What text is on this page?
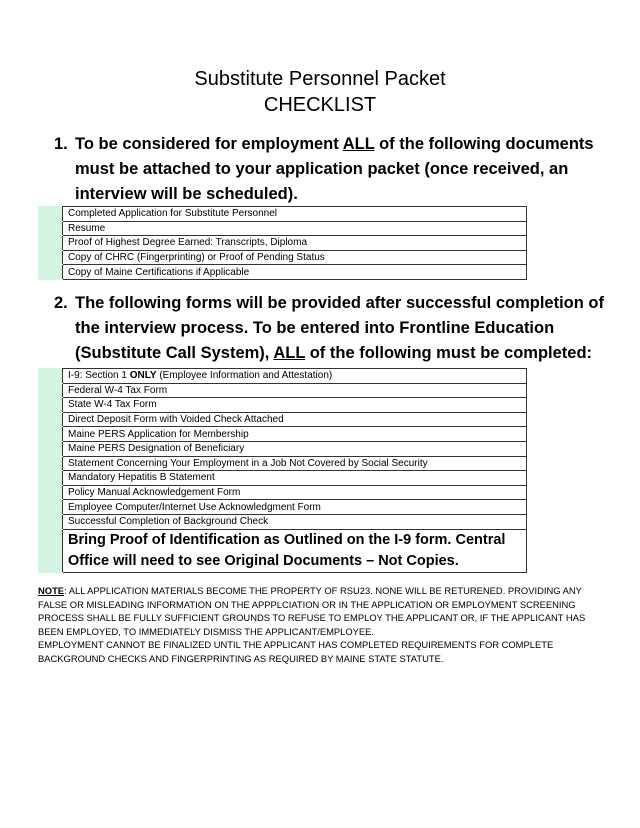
Substitute Personnel Packet
CHECKLIST
1. To be considered for employment ALL of the following documents must be attached to your application packet (once received, an interview will be scheduled).
	Completed Application for Substitute Personnel
	Resume
	Proof of Highest Degree Earned: Transcripts, Diploma
	Copy of CHRC (Fingerprinting) or Proof of Pending Status
	Copy of Maine Certifications if Applicable
2. The following forms will be provided after successful completion of the interview process. To be entered into Frontline Education (Substitute Call System), ALL of the following must be completed:
	I-9: Section 1 ONLY (Employee Information and Attestation)
	Federal W-4 Tax Form
	State W-4 Tax Form
	Direct Deposit Form with Voided Check Attached
	Maine PERS Application for Membership
	Maine PERS Designation of Beneficiary
	Statement Concerning Your Employment in a Job Not Covered by Social Security
	Mandatory Hepatitis B Statement
	Policy Manual Acknowledgement Form
	Employee Computer/Internet Use Acknowledgment Form
	Successful Completion of Background Check
	Bring Proof of Identification as Outlined on the I-9 form. Central Office will need to see Original Documents – Not Copies.

NOTE: ALL APPLICATION MATERIALS BECOME THE PROPERTY OF RSU23. NONE WILL BE RETURENED. PROVIDING ANY FALSE OR MISLEADING INFORMATION ON THE APPPLCIATION OR IN THE APPLICATION OR EMPLOYMENT SCREENING PROCESS SHALL BE FULLY SUFFICIENT GROUNDS TO REFUSE TO EMPLOY THE APPLICANT OR, IF THE APPLICANT HAS BEEN EMPLOYED, TO IMMEDIATELY DISMISS THE APPLICANT/EMPLOYEE.
EMPLOYMENT CANNOT BE FINALIZED UNTIL THE APPLICANT HAS COMPLETED REQUIREMENTS FOR COMPLETE BACKGROUND CHECKS AND FINGERPRINTING AS REQUIRED BY MAINE STATE STATUTE.
